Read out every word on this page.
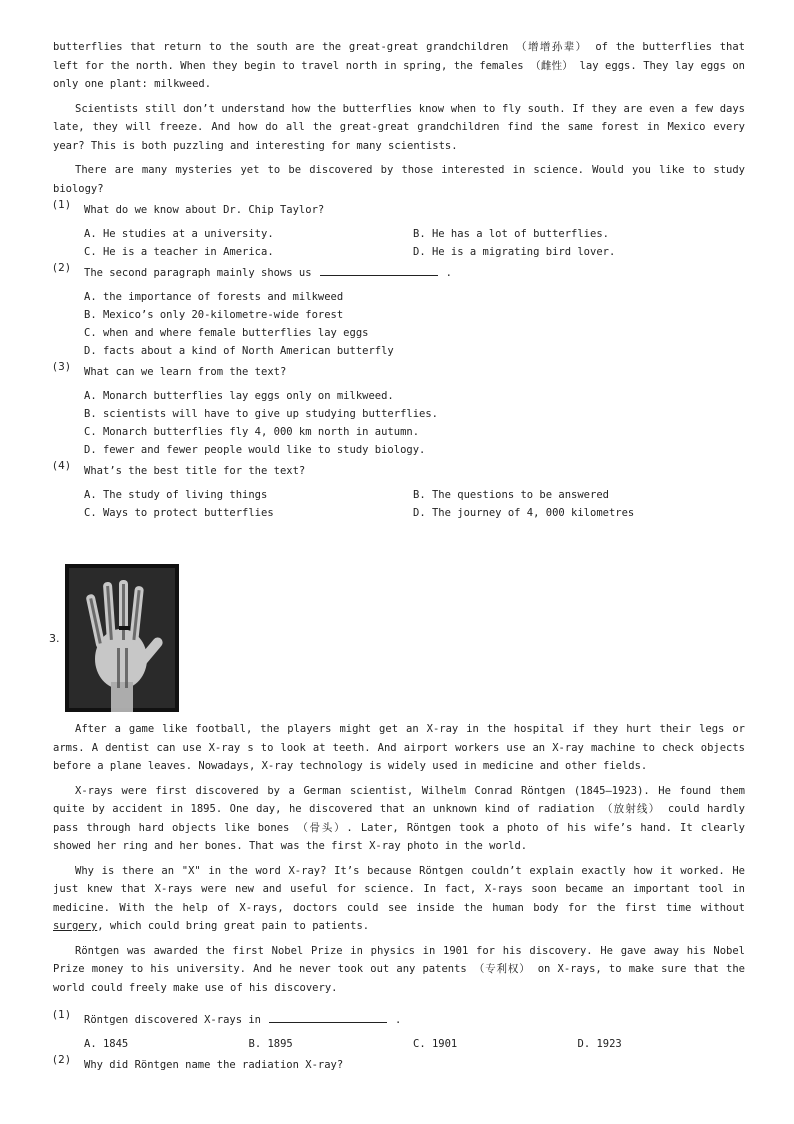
butterflies that return to the south are the great-great grandchildren （增增孙辈） of the butterflies that left for the north. When they begin to travel north in spring, the females （雌性） lay eggs. They lay eggs on only one plant: milkweed.

Scientists still don’t understand how the butterflies know when to fly south. If they are even a few days late, they will freeze. And how do all the great-great grandchildren find the same forest in Mexico every year? This is both puzzling and interesting for many scientists.

There are many mysteries yet to be discovered by those interested in science. Would you like to study biology?

(1) What do we know about Dr. Chip Taylor?
A. He studies at a university.	B. He has a lot of butterflies.
C. He is a teacher in America.	D. He is a migrating bird lover.
(2) The second paragraph mainly shows us	.
A. the importance of forests and milkweed
B. Mexico’s only 20-kilometre-wide forest
C. when and where female butterflies lay eggs
D. facts about a kind of North American butterfly
(3) What can we learn from the text?
A. Monarch butterflies lay eggs only on milkweed.
B. scientists will have to give up studying butterflies.
C. Monarch butterflies fly 4, 000 km north in autumn.
D. fewer and fewer people would like to study biology.
(4) What’s the best title for the text?
A. The study of living things	B. The questions to be answered
C. Ways to protect butterflies	D. The journey of 4, 000 kilometres
3.

After a game like football, the players might get an X-ray in the hospital if they hurt their legs or arms. A dentist can use X-ray s to look at teeth. And airport workers use an X-ray machine to check objects before a plane leaves. Nowadays, X-ray technology is widely used in medicine and other fields.

X-rays were first discovered by a German scientist, Wilhelm Conrad Röntgen (1845—1923). He found them quite by accident in 1895. One day, he discovered that an unknown kind of radiation （放射线） could hardly pass through hard objects like bones （骨头）. Later, Röntgen took a photo of his wife’s hand. It clearly showed her ring and her bones. That was the first X-ray photo in the world.

Why is there an "X" in the word X-ray? It’s because Röntgen couldn’t explain exactly how it worked. He just knew that X-rays were new and useful for science. In fact, X-rays soon became an important tool in medicine. With the help of X-rays, doctors could see inside the human body for the first time without surgery, which could bring great pain to patients.

Röntgen was awarded the first Nobel Prize in physics in 1901 for his discovery. He gave away his Nobel Prize money to his university. And he never took out any patents （专利权） on X-rays, to make sure that the world could freely make use of his discovery.

(1) Röntgen discovered X-rays in	.
A. 1845	B. 1895	C. 1901	D. 1923
(2) Why did Röntgen name the radiation X-ray?
